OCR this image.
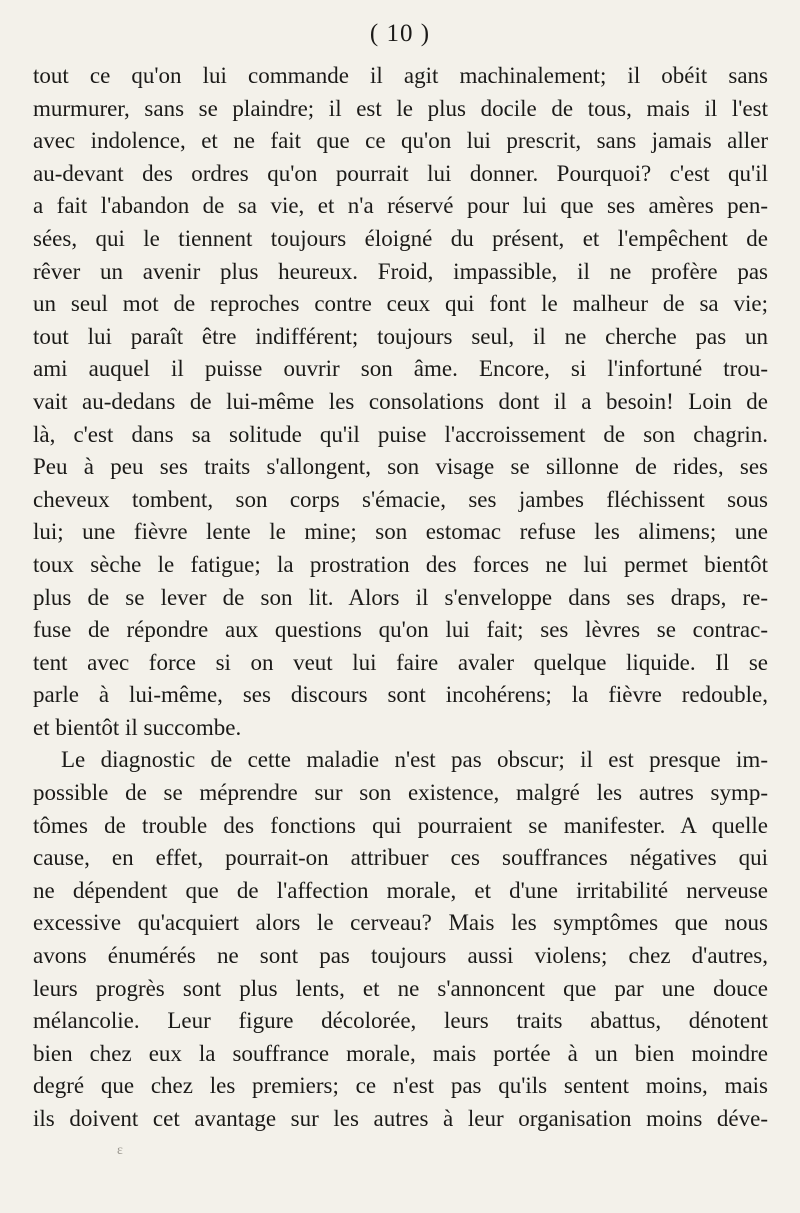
( 10 )
tout ce qu'on lui commande il agit machinalement; il obéit sans
murmurer, sans se plaindre; il est le plus docile de tous, mais il l'est
avec indolence, et ne fait que ce qu'on lui prescrit, sans jamais aller
au-devant des ordres qu'on pourrait lui donner. Pourquoi? c'est qu'il
a fait l'abandon de sa vie, et n'a réservé pour lui que ses amères pen-
sées, qui le tiennent toujours éloigné du présent, et l'empêchent de
rêver un avenir plus heureux. Froid, impassible, il ne profère pas
un seul mot de reproches contre ceux qui font le malheur de sa vie;
tout lui paraît être indifférent; toujours seul, il ne cherche pas un
ami auquel il puisse ouvrir son âme. Encore, si l'infortuné trou-
vait au-dedans de lui-même les consolations dont il a besoin! Loin de
là, c'est dans sa solitude qu'il puise l'accroissement de son chagrin.
Peu à peu ses traits s'allongent, son visage se sillonne de rides, ses
cheveux tombent, son corps s'émacie, ses jambes fléchissent sous
lui; une fièvre lente le mine; son estomac refuse les alimens; une
toux sèche le fatigue; la prostration des forces ne lui permet bientôt
plus de se lever de son lit. Alors il s'enveloppe dans ses draps, re-
fuse de répondre aux questions qu'on lui fait; ses lèvres se contrac-
tent avec force si on veut lui faire avaler quelque liquide. Il se
parle à lui-même, ses discours sont incohérens; la fièvre redouble,
et bientôt il succombe.
Le diagnostic de cette maladie n'est pas obscur; il est presque im-
possible de se méprendre sur son existence, malgré les autres symp-
tômes de trouble des fonctions qui pourraient se manifester. A quelle
cause, en effet, pourrait-on attribuer ces souffrances négatives qui
ne dépendent que de l'affection morale, et d'une irritabilité nerveuse
excessive qu'acquiert alors le cerveau? Mais les symptômes que nous
avons énumérés ne sont pas toujours aussi violens; chez d'autres,
leurs progrès sont plus lents, et ne s'annoncent que par une douce
mélancolie. Leur figure décolorée, leurs traits abattus, dénotent
bien chez eux la souffrance morale, mais portée à un bien moindre
degré que chez les premiers; ce n'est pas qu'ils sentent moins, mais
ils doivent cet avantage sur les autres à leur organisation moins déve-
ε
